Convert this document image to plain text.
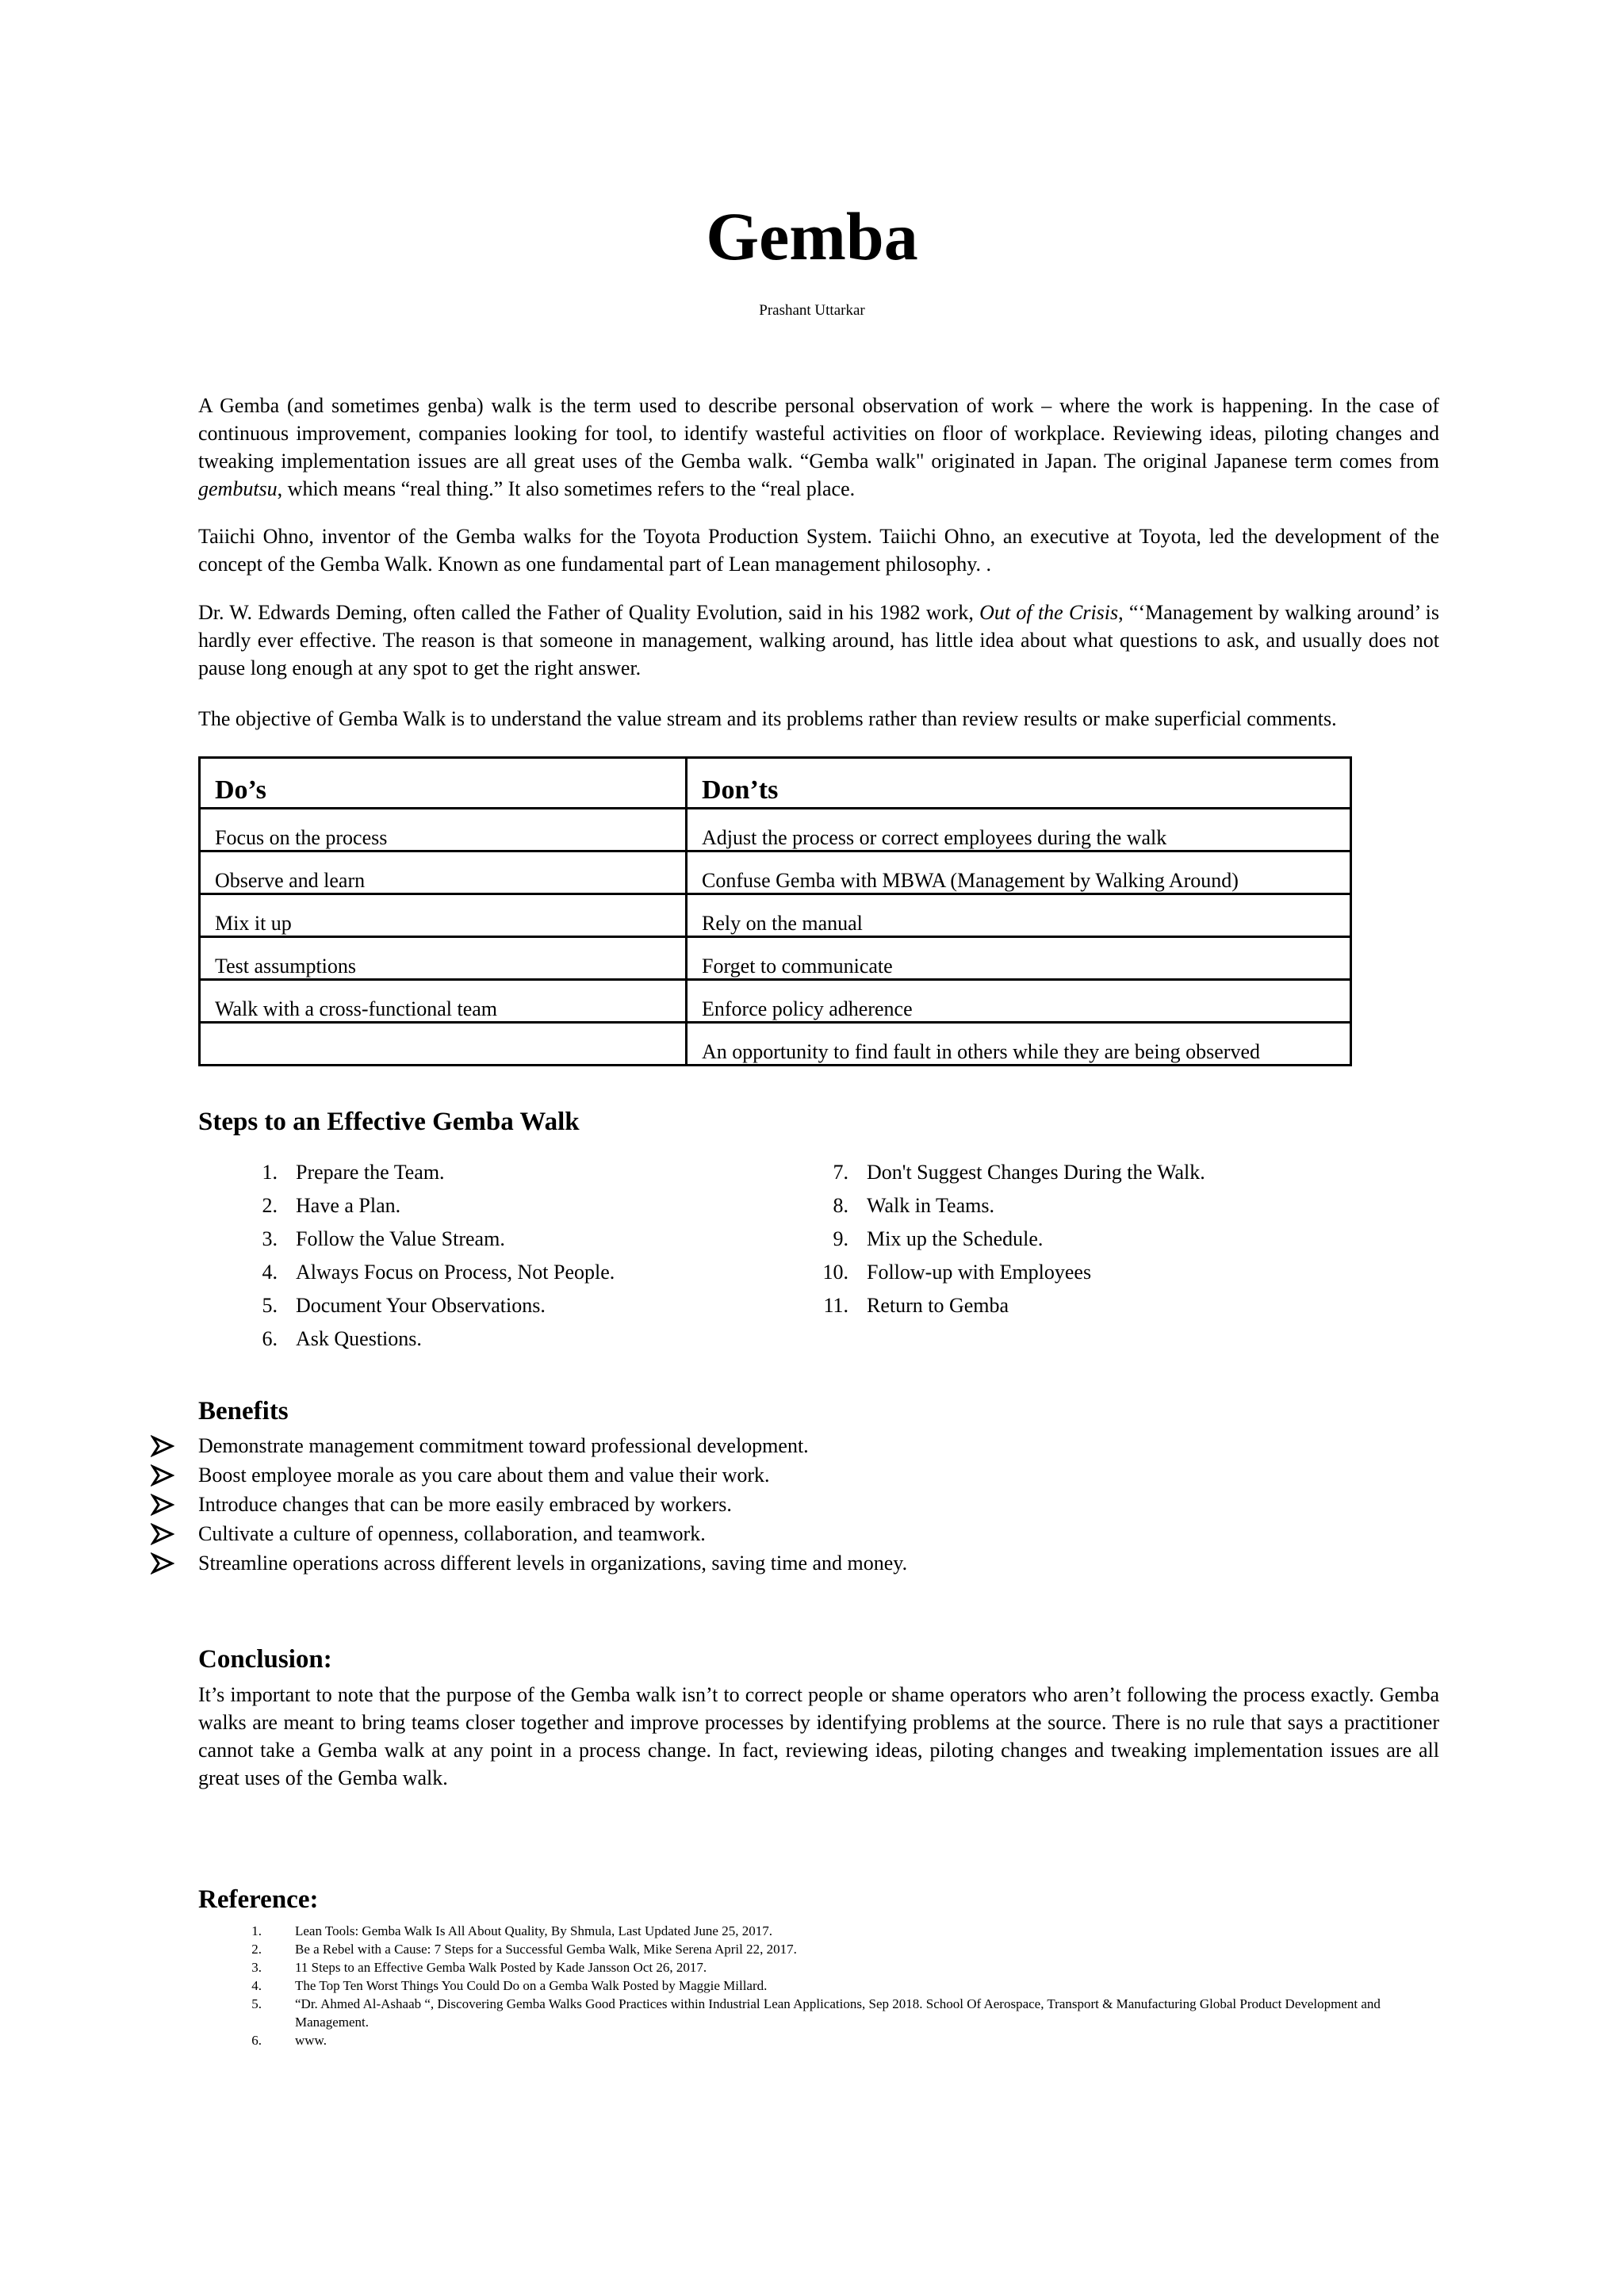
Gemba
Prashant Uttarkar

A Gemba (and sometimes genba) walk is the term used to describe personal observation of work – where the work is happening. In the case of continuous improvement, companies looking for tool, to identify wasteful activities on floor of workplace. Reviewing ideas, piloting changes and tweaking implementation issues are all great uses of the Gemba walk. “Gemba walk" originated in Japan. The original Japanese term comes from gembutsu, which means “real thing.” It also sometimes refers to the “real place.

Taiichi Ohno, inventor of the Gemba walks for the Toyota Production System. Taiichi Ohno, an executive at Toyota, led the development of the concept of the Gemba Walk. Known as one fundamental part of Lean management philosophy. .

Dr. W. Edwards Deming, often called the Father of Quality Evolution, said in his 1982 work, Out of the Crisis, “‘Management by walking around’ is hardly ever effective. The reason is that someone in management, walking around, has little idea about what questions to ask, and usually does not pause long enough at any spot to get the right answer.

The objective of Gemba Walk is to understand the value stream and its problems rather than review results or make superficial comments.

Do’s	Don’ts
Focus on the process	Adjust the process or correct employees during the walk
Observe and learn	Confuse Gemba with MBWA (Management by Walking Around)
Mix it up	Rely on the manual
Test assumptions	Forget to communicate
Walk with a cross-functional team	Enforce policy adherence
	An opportunity to find fault in others while they are being observed
Steps to an Effective Gemba Walk
1. Prepare the Team.
2. Have a Plan.
3. Follow the Value Stream.
4. Always Focus on Process, Not People.
5. Document Your Observations.
6. Ask Questions.
7. Don't Suggest Changes During the Walk.
8. Walk in Teams.
9. Mix up the Schedule.
10. Follow-up with Employees
11. Return to Gemba
Benefits
Demonstrate management commitment toward professional development.
Boost employee morale as you care about them and value their work.
Introduce changes that can be more easily embraced by workers.
Cultivate a culture of openness, collaboration, and teamwork.
Streamline operations across different levels in organizations, saving time and money.
Conclusion:

It’s important to note that the purpose of the Gemba walk isn’t to correct people or shame operators who aren’t following the process exactly. Gemba walks are meant to bring teams closer together and improve processes by identifying problems at the source. There is no rule that says a practitioner cannot take a Gemba walk at any point in a process change. In fact, reviewing ideas, piloting changes and tweaking implementation issues are all great uses of the Gemba walk.

Reference:
1. Lean Tools: Gemba Walk Is All About Quality, By Shmula, Last Updated June 25, 2017.
2. Be a Rebel with a Cause: 7 Steps for a Successful Gemba Walk, Mike Serena April 22, 2017.
3. 11 Steps to an Effective Gemba Walk Posted by Kade Jansson Oct 26, 2017.
4. The Top Ten Worst Things You Could Do on a Gemba Walk Posted by Maggie Millard.
5. “Dr. Ahmed Al-Ashaab “, Discovering Gemba Walks Good Practices within Industrial Lean Applications, Sep 2018. School Of Aerospace, Transport & Manufacturing Global Product Development and Management.
6. www.
